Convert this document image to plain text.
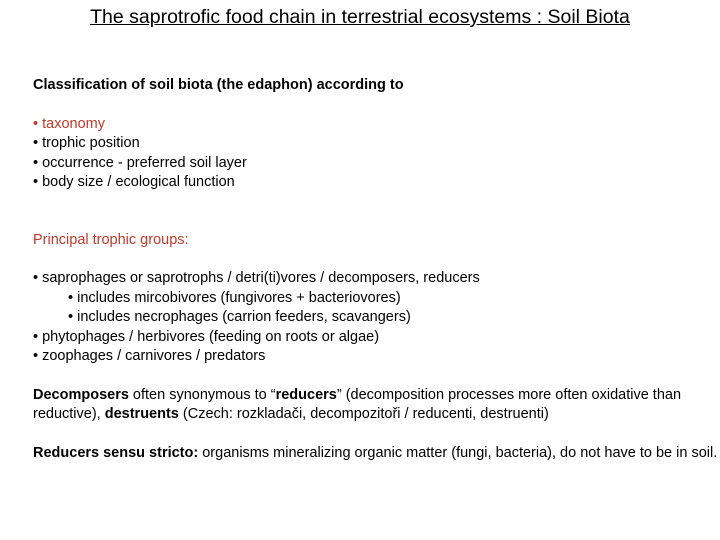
The saprotrofic food chain in terrestrial ecosystems : Soil Biota

Classification of soil biota (the edaphon) according to

• taxonomy
• trophic position
• occurrence - preferred soil layer
• body size / ecological function

Principal trophic groups:

• saprophages or saprotrophs / detri(ti)vores / decomposers, reducers
• includes mircobivores (fungivores + bacteriovores)
• includes necrophages (carrion feeders, scavangers)
• phytophages / herbivores (feeding on roots or algae)
• zoophages / carnivores / predators

Decomposers often synonymous to “reducers” (decomposition processes more often oxidative than reductive), destruents (Czech: rozkladači, decompozitoři / reducenti, destruenti)

Reducers sensu stricto: organisms mineralizing organic matter (fungi, bacteria), do not have to be in soil.
